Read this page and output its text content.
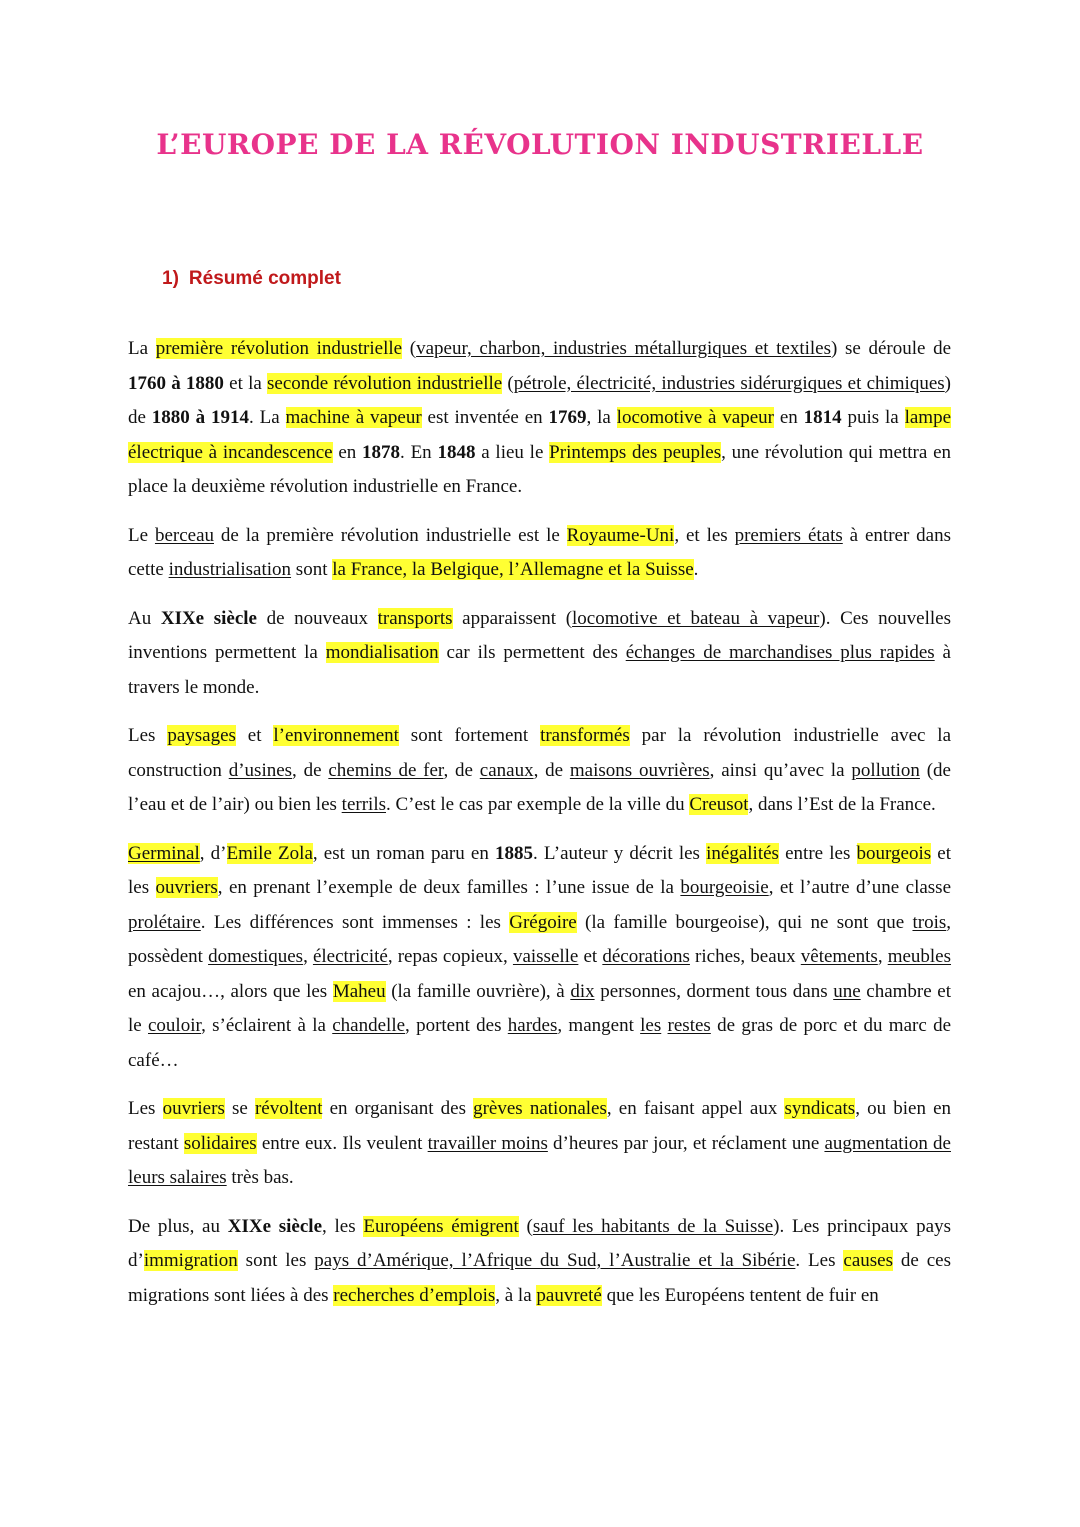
L’EUROPE DE LA RÉVOLUTION INDUSTRIELLE
1) Résumé complet

La première révolution industrielle (vapeur, charbon, industries métallurgiques et textiles) se déroule de 1760 à 1880 et la seconde révolution industrielle (pétrole, électricité, industries sidérurgiques et chimiques) de 1880 à 1914. La machine à vapeur est inventée en 1769, la locomotive à vapeur en 1814 puis la lampe électrique à incandescence en 1878. En 1848 a lieu le Printemps des peuples, une révolution qui mettra en place la deuxième révolution industrielle en France.

Le berceau de la première révolution industrielle est le Royaume-Uni, et les premiers états à entrer dans cette industrialisation sont la France, la Belgique, l’Allemagne et la Suisse.

Au XIXe siècle de nouveaux transports apparaissent (locomotive et bateau à vapeur). Ces nouvelles inventions permettent la mondialisation car ils permettent des échanges de marchandises plus rapides à travers le monde.

Les paysages et l’environnement sont fortement transformés par la révolution industrielle avec la construction d’usines, de chemins de fer, de canaux, de maisons ouvrières, ainsi qu’avec la pollution (de l’eau et de l’air) ou bien les terrils. C’est le cas par exemple de la ville du Creusot, dans l’Est de la France.

Germinal, d’Emile Zola, est un roman paru en 1885. L’auteur y décrit les inégalités entre les bourgeois et les ouvriers, en prenant l’exemple de deux familles : l’une issue de la bourgeoisie, et l’autre d’une classe prolétaire. Les différences sont immenses : les Grégoire (la famille bourgeoise), qui ne sont que trois, possèdent domestiques, électricité, repas copieux, vaisselle et décorations riches, beaux vêtements, meubles en acajou…, alors que les Maheu (la famille ouvrière), à dix personnes, dorment tous dans une chambre et le couloir, s’éclairent à la chandelle, portent des hardes, mangent les restes de gras de porc et du marc de café…

Les ouvriers se révoltent en organisant des grèves nationales, en faisant appel aux syndicats, ou bien en restant solidaires entre eux. Ils veulent travailler moins d’heures par jour, et réclament une augmentation de leurs salaires très bas.

De plus, au XIXe siècle, les Européens émigrent (sauf les habitants de la Suisse). Les principaux pays d’immigration sont les pays d’Amérique, l’Afrique du Sud, l’Australie et la Sibérie. Les causes de ces migrations sont liées à des recherches d’emplois, à la pauvreté que les Européens tentent de fuir en
